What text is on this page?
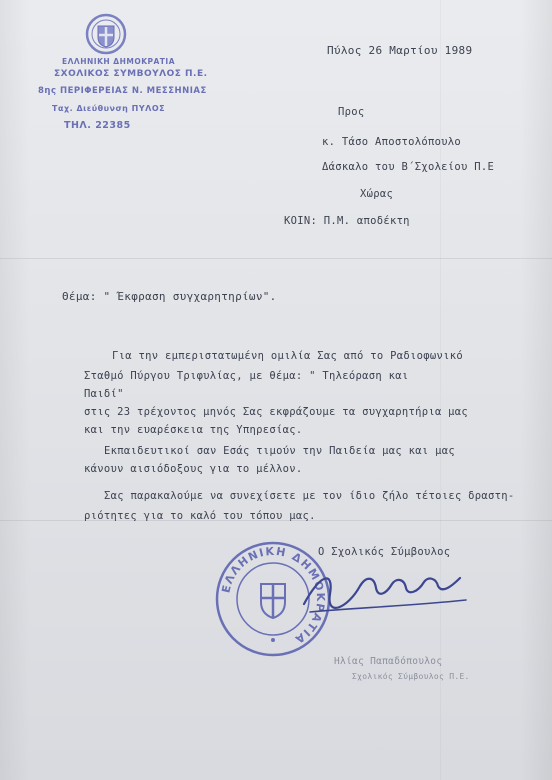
ΕΛΛΗΝΙΚΗ ΔΗΜΟΚΡΑΤΙΑ
ΣΧΟΛΙΚΟΣ ΣΥΜΒΟΥΛΟΣ Π.Ε.
8ης ΠΕΡΙΦΕΡΕΙΑΣ Ν. ΜΕΣΣΗΝΙΑΣ
Ταχ. Διεύθυνση ΠΥΛΟΣ
ΤΗΛ. 22385
Πύλος 26 Μαρτίου 1989
Προς
κ. Τάσο Αποστολόπουλο
Δάσκαλο του Β΄Σχολείου Π.Ε
Χώρας
ΚΟΙΝ: Π.Μ. αποδέκτη
Θέμα: " Έκφραση συγχαρητηρίων".
Για την εμπεριστατωμένη ομιλία Σας από το Ραδιοφωνικό
Σταθμό Πύργου Τριφυλίας, με θέμα: " Τηλεόραση και
Παιδί"
στις 23 τρέχοντος μηνός Σας εκφράζουμε τα συγχαρητήρια μας
και την ευαρέσκεια της Υπηρεσίας.
Εκπαιδευτικοί σαν Εσάς τιμούν την Παιδεία μας και μας
κάνουν αισιόδοξους για το μέλλον.
Σας παρακαλούμε να συνεχίσετε με τον ίδιο ζήλο τέτοιες δραστη-
ριότητες για το καλό του τόπου μας.
Ο Σχολικός Σύμβουλος
ΕΛΛΗΝΙΚΗ ΔΗΜΟΚΡΑΤΙΑ
Ηλίας Παπαδόπουλος
Σχολικός Σύμβουλος Π.Ε.
